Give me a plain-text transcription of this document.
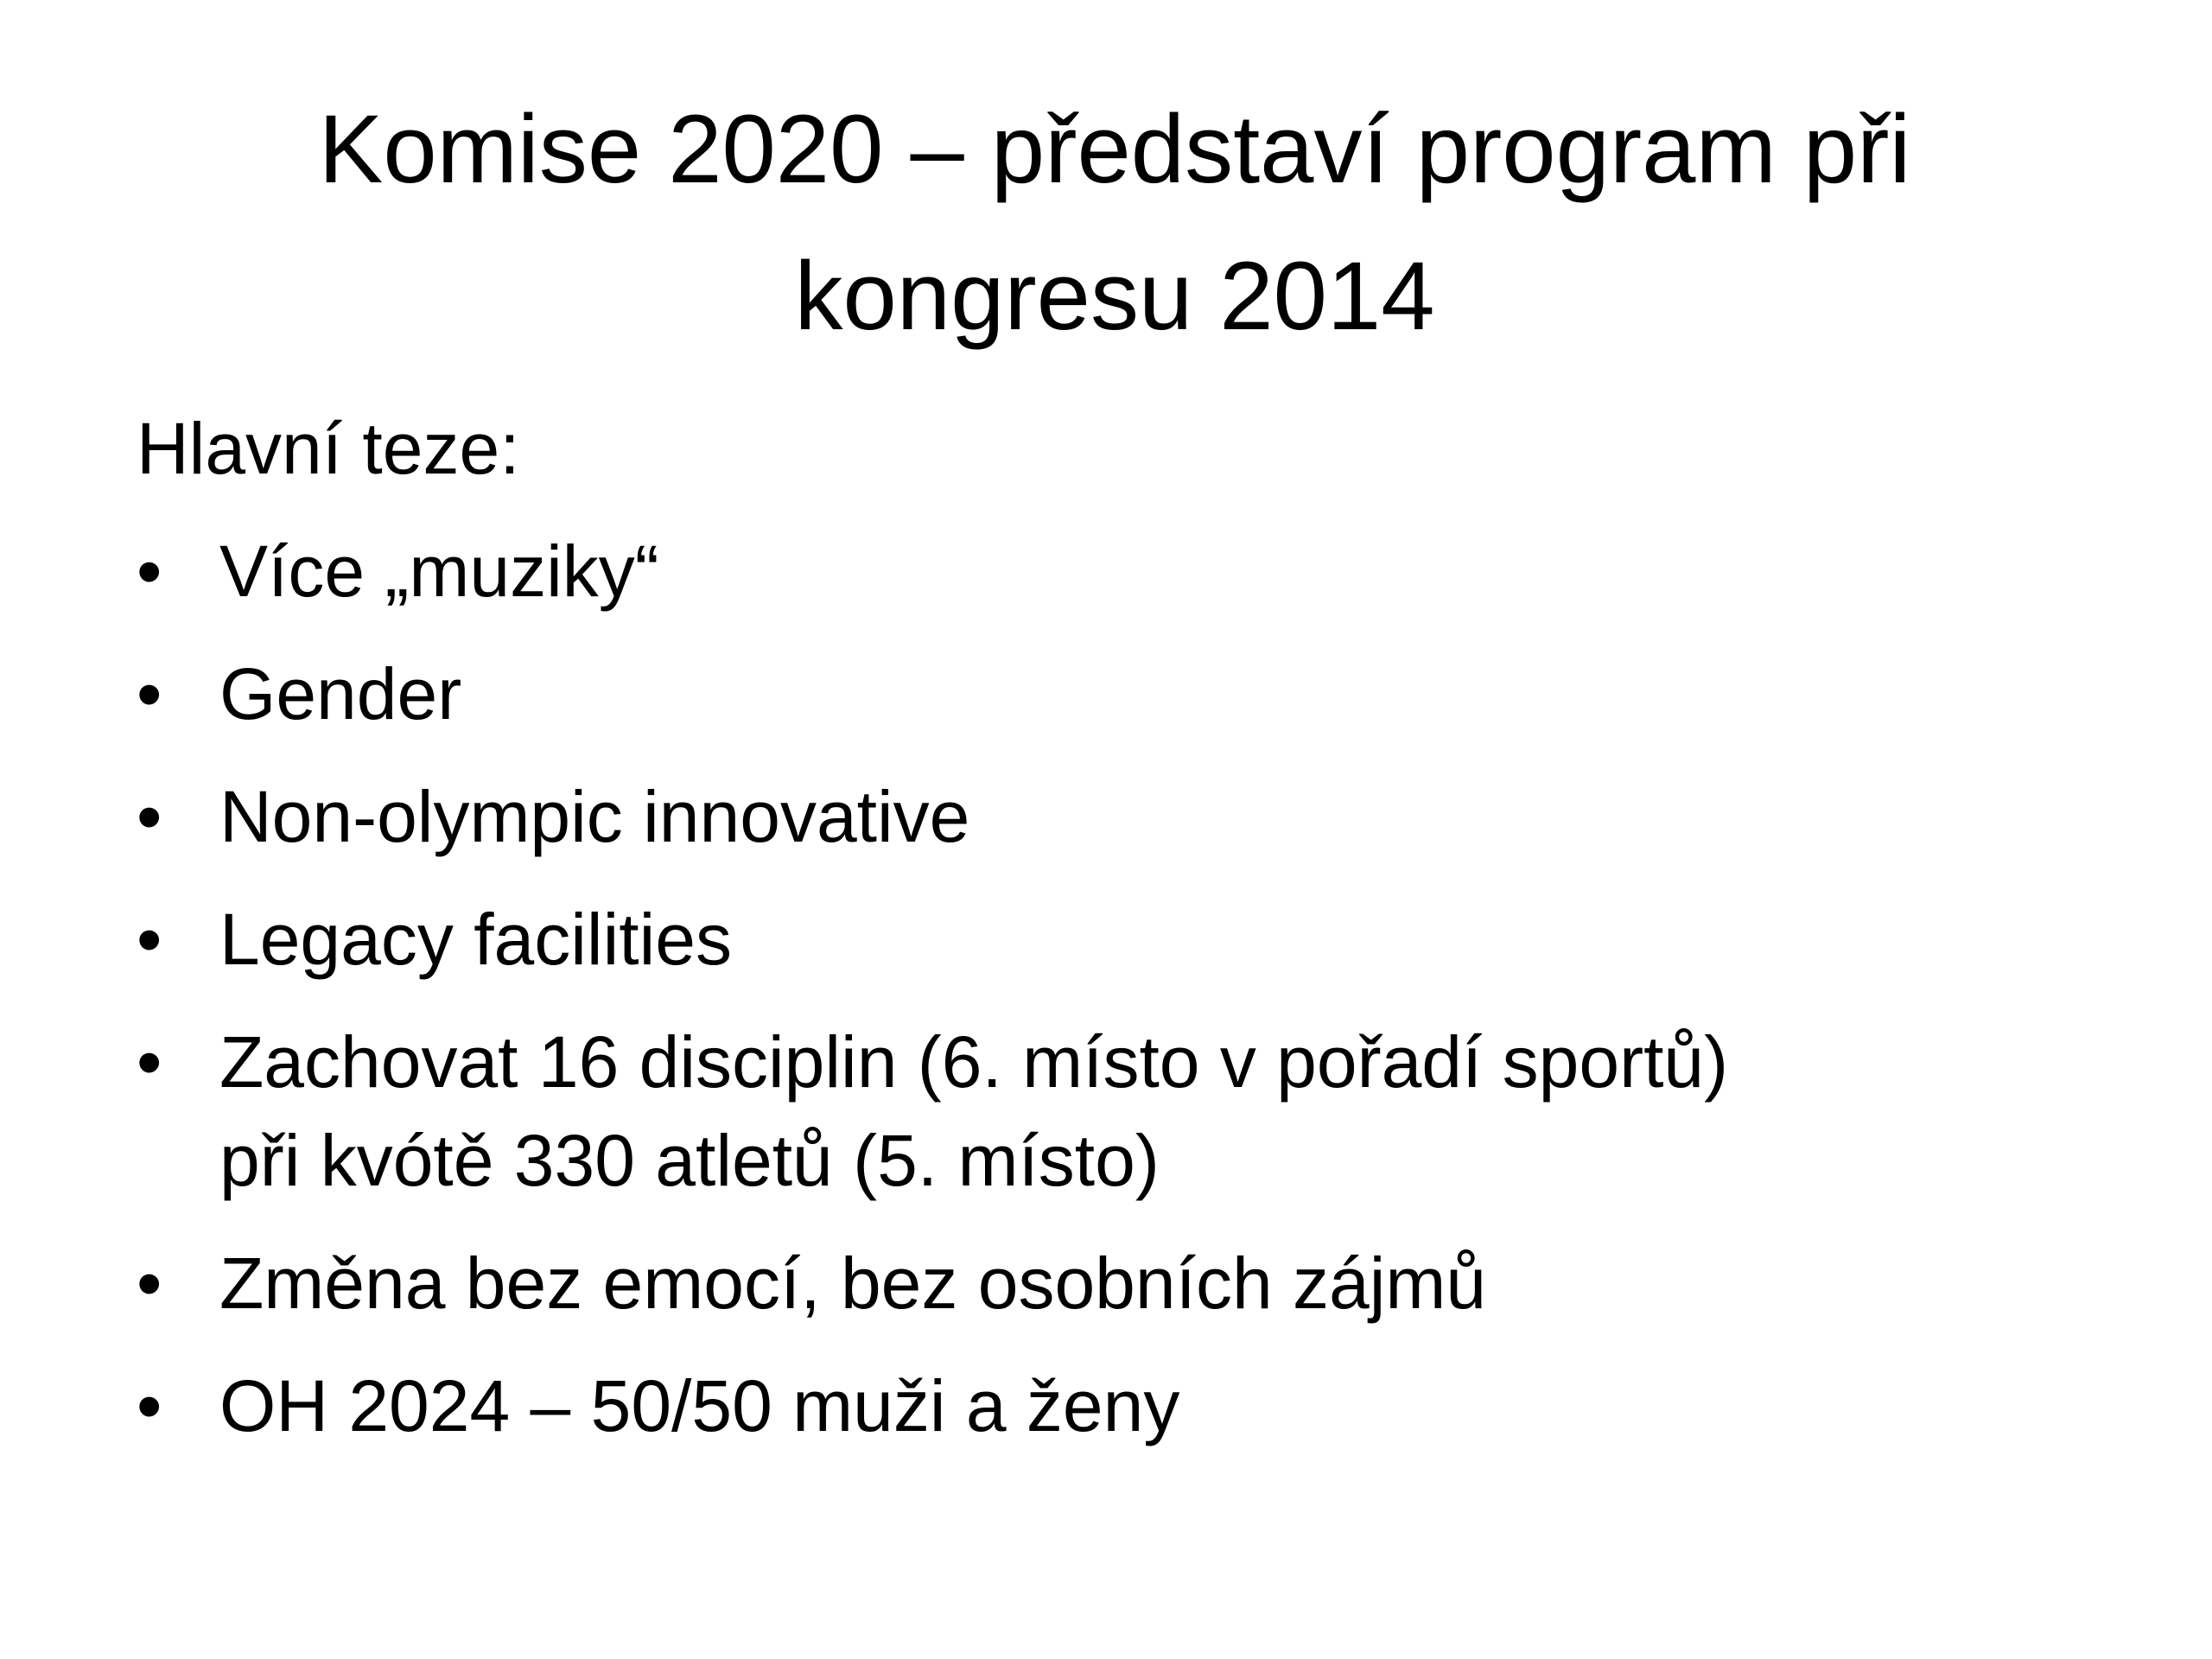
Komise 2020 – představí program při
kongresu 2014

Hlavní teze:

• Více „muziky“
• Gender
• Non-olympic innovative
• Legacy facilities
• Zachovat 16 disciplin (6. místo v pořadí sportů)
při kvótě 330 atletů (5. místo)
• Změna bez emocí, bez osobních zájmů
• OH 2024 – 50/50 muži a ženy
